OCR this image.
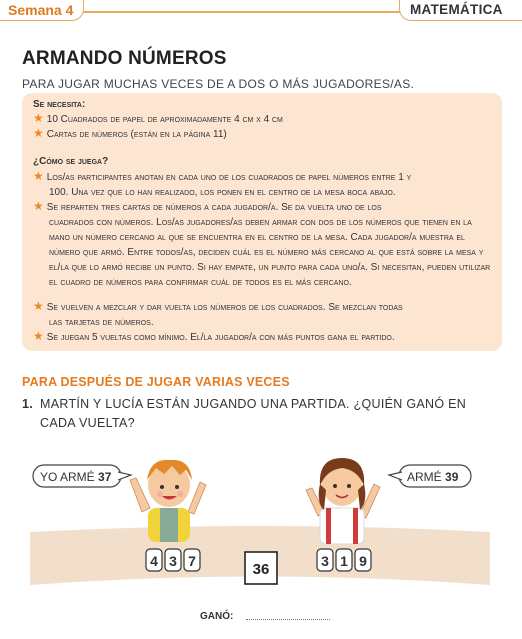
Semana 4	MATEMÁTICA
ARMANDO NÚMEROS
PARA JUGAR MUCHAS VECES DE A DOS O MÁS JUGADORES/AS.
Se necesita:
★ 10 Cuadrados de papel de aproximadamente 4 cm x 4 cm
★ Cartas de números (están en la página 11)
¿Cómo se juega?
★ Los/as participantes anotan en cada uno de los cuadrados de papel números entre 1 y
100. Una vez que lo han realizado, los ponen en el centro de la mesa boca abajo.
★ Se reparten tres cartas de números a cada jugador/a. Se da vuelta uno de los
cuadrados con números. Los/as jugadores/as deben armar con dos de los números que tienen en la mano un número cercano al que se encuentra en el centro de la mesa. Cada jugador/a muestra el número que armó. Entre todos/as, deciden cuál es el número más cercano al que está sobre la mesa y el/la que lo armó recibe un punto. Si hay empate, un punto para cada uno/a. Si necesitan, pueden utilizar el cuadro de números para confirmar cuál de todos es el más cercano.
★ Se vuelven a mezclar y dar vuelta los números de los cuadrados. Se mezclan todas
las tarjetas de números.
★ Se juegan 5 vueltas como mínimo. El/la jugador/a con más puntos gana el partido.
PARA DESPUÉS DE JUGAR VARIAS VECES
1. MARTÍN Y LUCÍA ESTÁN JUGANDO UNA PARTIDA. ¿QUIÉN GANÓ EN CADA VUELTA?
YO ARMÉ 37	ARMÉ 39
4 3 7	36	3 1 9
GANÓ:
